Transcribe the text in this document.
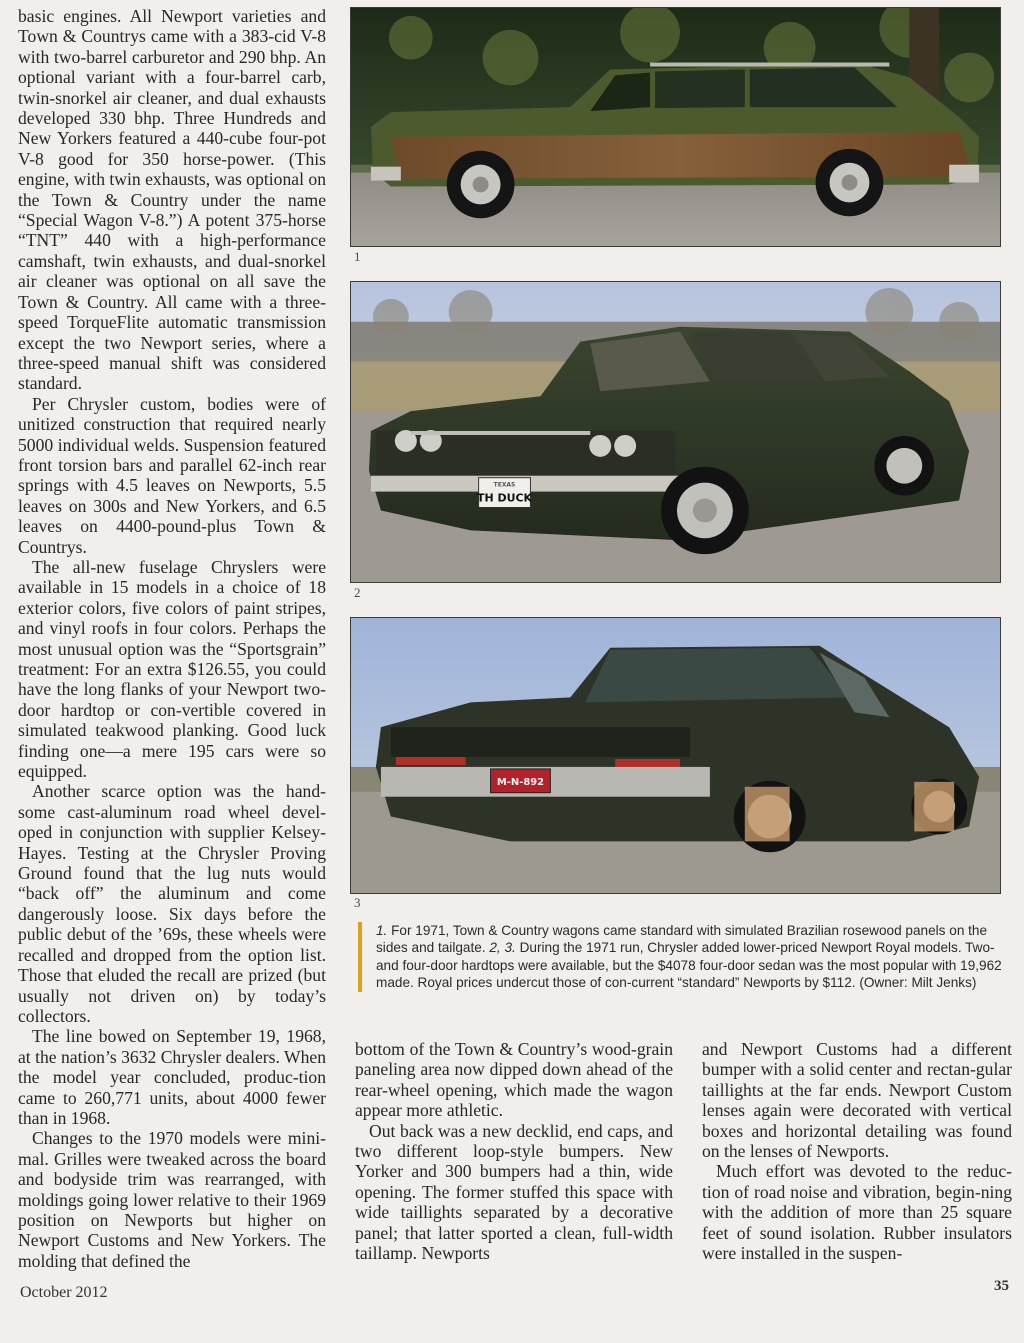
basic engines. All Newport varieties and Town & Countrys came with a 383-cid V-8 with two-barrel carburetor and 290 bhp. An optional variant with a four-barrel carb, twin-snorkel air cleaner, and dual exhausts developed 330 bhp. Three Hundreds and New Yorkers featured a 440-cube four-pot V-8 good for 350 horse-power. (This engine, with twin exhausts, was optional on the Town & Country under the name “Special Wagon V-8.”) A potent 375-horse “TNT” 440 with a high-performance camshaft, twin exhausts, and dual-snorkel air cleaner was optional on all save the Town & Country. All came with a three-speed TorqueFlite automatic transmission except the two Newport series, where a three-speed manual shift was considered standard.

Per Chrysler custom, bodies were of unitized construction that required nearly 5000 individual welds. Suspension featured front torsion bars and parallel 62-inch rear springs with 4.5 leaves on Newports, 5.5 leaves on 300s and New Yorkers, and 6.5 leaves on 4400-pound-plus Town & Countrys.

The all-new fuselage Chryslers were available in 15 models in a choice of 18 exterior colors, five colors of paint stripes, and vinyl roofs in four colors. Perhaps the most unusual option was the “Sportsgrain” treatment: For an extra $126.55, you could have the long flanks of your Newport two-door hardtop or con-vertible covered in simulated teakwood planking. Good luck finding one—a mere 195 cars were so equipped.

Another scarce option was the hand-some cast-aluminum road wheel devel-oped in conjunction with supplier Kelsey-Hayes. Testing at the Chrysler Proving Ground found that the lug nuts would “back off” the aluminum and come dangerously loose. Six days before the public debut of the ’69s, these wheels were recalled and dropped from the option list. Those that eluded the recall are prized (but usually not driven on) by today’s collectors.

The line bowed on September 19, 1968, at the nation’s 3632 Chrysler dealers. When the model year concluded, produc-tion came to 260,771 units, about 4000 fewer than in 1968.

Changes to the 1970 models were mini-mal. Grilles were tweaked across the board and bodyside trim was rearranged, with moldings going lower relative to their 1969 position on Newports but higher on Newport Customs and New Yorkers. The molding that defined the

1
TEXAS
TH DUCK
2
M-N-892
3
1. For 1971, Town & Country wagons came standard with simulated Brazilian rosewood panels on the sides and tailgate. 2, 3. During the 1971 run, Chrysler added lower-priced Newport Royal models. Two- and four-door hardtops were available, but the $4078 four-door sedan was the most popular with 19,962 made. Royal prices undercut those of con-current “standard” Newports by $112. (Owner: Milt Jenks)

bottom of the Town & Country’s wood-grain paneling area now dipped down ahead of the rear-wheel opening, which made the wagon appear more athletic.

Out back was a new decklid, end caps, and two different loop-style bumpers. New Yorker and 300 bumpers had a thin, wide opening. The former stuffed this space with wide taillights separated by a decorative panel; that latter sported a clean, full-width taillamp. Newports

and Newport Customs had a different bumper with a solid center and rectan-gular taillights at the far ends. Newport Custom lenses again were decorated with vertical boxes and horizontal detailing was found on the lenses of Newports.

Much effort was devoted to the reduc-tion of road noise and vibration, begin-ning with the addition of more than 25 square feet of sound isolation. Rubber insulators were installed in the suspen-

October 2012	35
